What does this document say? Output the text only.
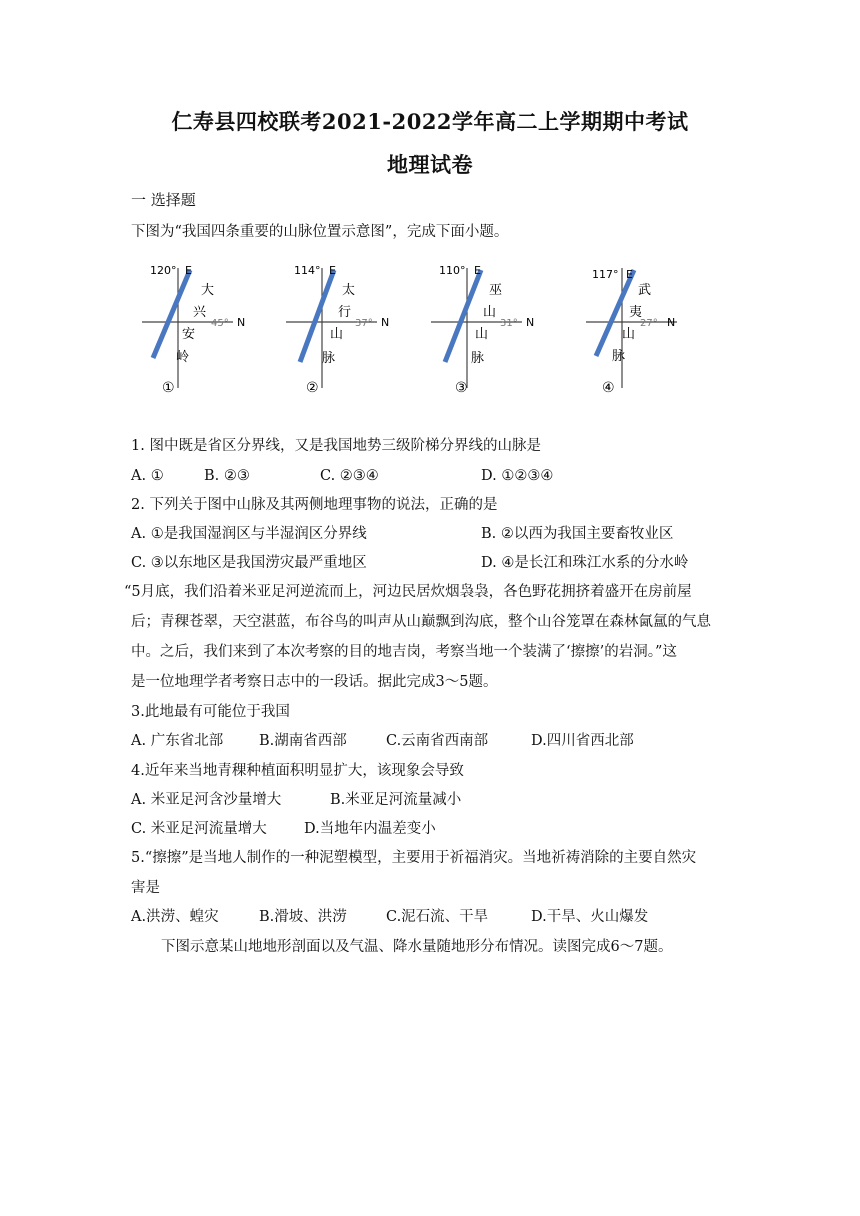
仁寿县四校联考2021-2022学年高二上学期期中考试
地理试卷
一 选择题
下图为“我国四条重要的山脉位置示意图”，完成下面小题。
120° E
45° N
大
兴
安
岭
①
114° E
37° N
太
行
山
脉
②
110° E
31° N
巫
山
山
脉
③
117° E
27° N
武
夷
山
脉
④
1. 图中既是省区分界线，又是我国地势三级阶梯分界线的山脉是
A. ①	B. ②③	C. ②③④	D. ①②③④
2. 下列关于图中山脉及其两侧地理事物的说法，正确的是
A. ①是我国湿润区与半湿润区分界线	B. ②以西为我国主要畜牧业区
C. ③以东地区是我国涝灾最严重地区	D. ④是长江和珠江水系的分水岭
“5月底，我们沿着米亚足河逆流而上，河边民居炊烟袅袅，各色野花拥挤着盛开在房前屋
后；青稞苍翠，天空湛蓝，布谷鸟的叫声从山巅飘到沟底，整个山谷笼罩在森林氤氲的气息
中。之后，我们来到了本次考察的目的地吉岗，考察当地一个装满了‘擦擦’的岩洞。”这
是一位地理学者考察日志中的一段话。据此完成3～5题。
3.此地最有可能位于我国
A. 广东省北部 B.湖南省西部	C.云南省西南部	D.四川省西北部
4.近年来当地青稞种植面积明显扩大，该现象会导致
A. 米亚足河含沙量增大	B.米亚足河流量减小
C. 米亚足河流量增大	D.当地年内温差变小
5.“擦擦”是当地人制作的一种泥塑模型，主要用于祈福消灾。当地祈祷消除的主要自然灾
害是
A.洪涝、蝗灾	B.滑坡、洪涝	C.泥石流、干旱	D.干旱、火山爆发
下图示意某山地地形剖面以及气温、降水量随地形分布情况。读图完成6～7题。
